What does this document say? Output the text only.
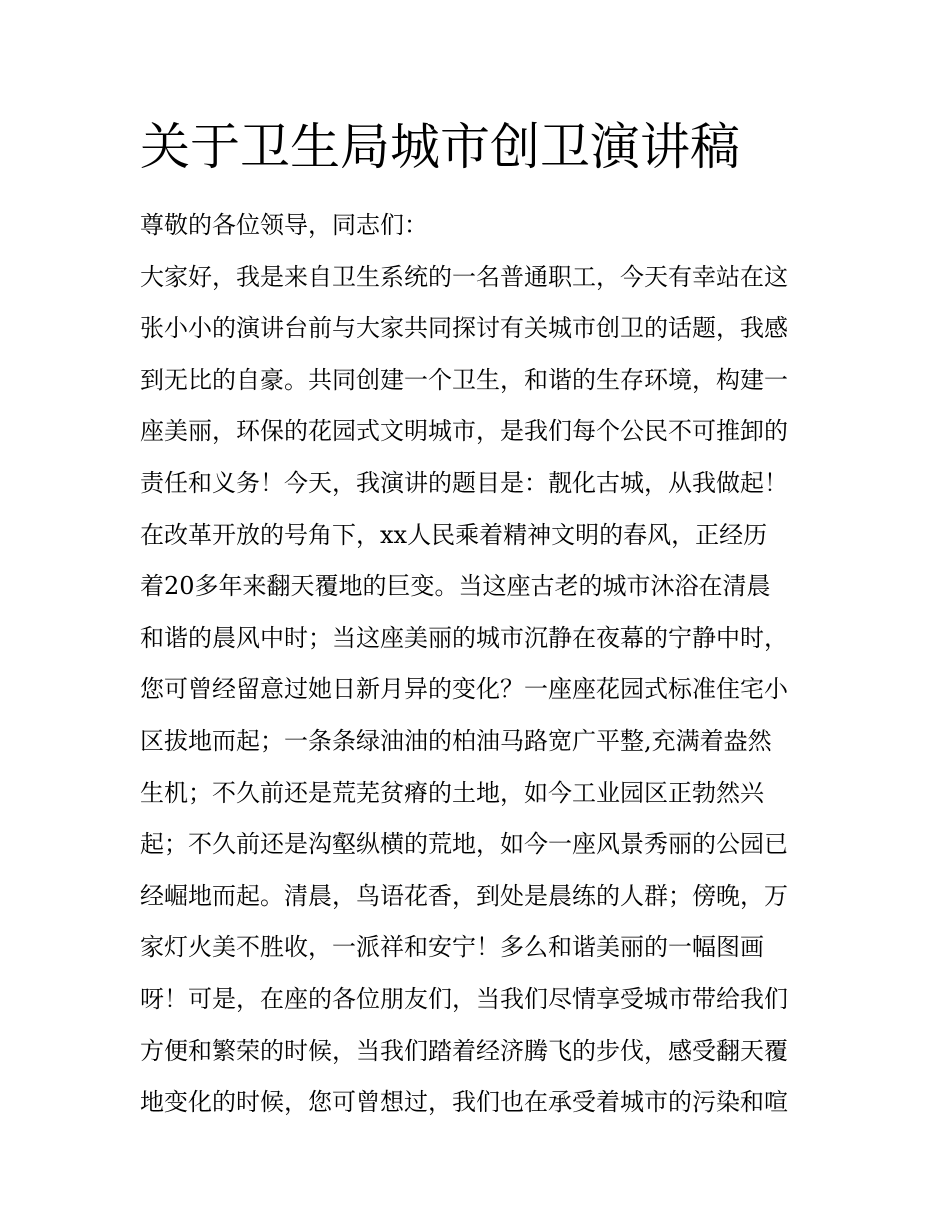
关于卫生局城市创卫演讲稿
尊敬的各位领导，同志们：
大家好，我是来自卫生系统的一名普通职工，今天有幸站在这
张小小的演讲台前与大家共同探讨有关城市创卫的话题，我感
到无比的自豪。共同创建一个卫生，和谐的生存环境，构建一
座美丽，环保的花园式文明城市，是我们每个公民不可推卸的
责任和义务！今天，我演讲的题目是：靓化古城，从我做起！
在改革开放的号角下，xx人民乘着精神文明的春风，正经历
着20多年来翻天覆地的巨变。当这座古老的城市沐浴在清晨
和谐的晨风中时；当这座美丽的城市沉静在夜幕的宁静中时，
您可曾经留意过她日新月异的变化？一座座花园式标准住宅小
区拔地而起；一条条绿油油的柏油马路宽广平整,充满着盎然
生机；不久前还是荒芜贫瘠的土地，如今工业园区正勃然兴
起；不久前还是沟壑纵横的荒地，如今一座风景秀丽的公园已
经崛地而起。清晨，鸟语花香，到处是晨练的人群；傍晚，万
家灯火美不胜收，一派祥和安宁！多么和谐美丽的一幅图画
呀！可是，在座的各位朋友们，当我们尽情享受城市带给我们
方便和繁荣的时候，当我们踏着经济腾飞的步伐，感受翻天覆
地变化的时候，您可曾想过，我们也在承受着城市的污染和喧
